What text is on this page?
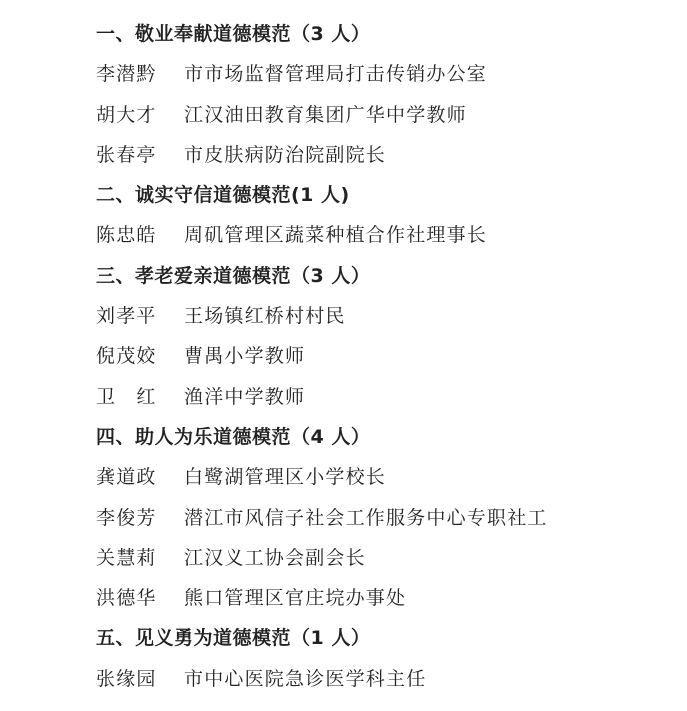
一、敬业奉献道德模范（3 人）
李潜黔	市市场监督管理局打击传销办公室
胡大才	江汉油田教育集团广华中学教师
张春亭	市皮肤病防治院副院长
二、诚实守信道德模范(1 人)
陈忠皓	周矶管理区蔬菜种植合作社理事长
三、孝老爱亲道德模范（3 人）
刘孝平	王场镇红桥村村民
倪茂姣	曹禺小学教师
卫　红	渔洋中学教师
四、助人为乐道德模范（4 人）
龚道政	白鹭湖管理区小学校长
李俊芳	潜江市风信子社会工作服务中心专职社工
关慧莉	江汉义工协会副会长
洪德华	熊口管理区官庄垸办事处
五、见义勇为道德模范（1 人）
张缘园	市中心医院急诊医学科主任
